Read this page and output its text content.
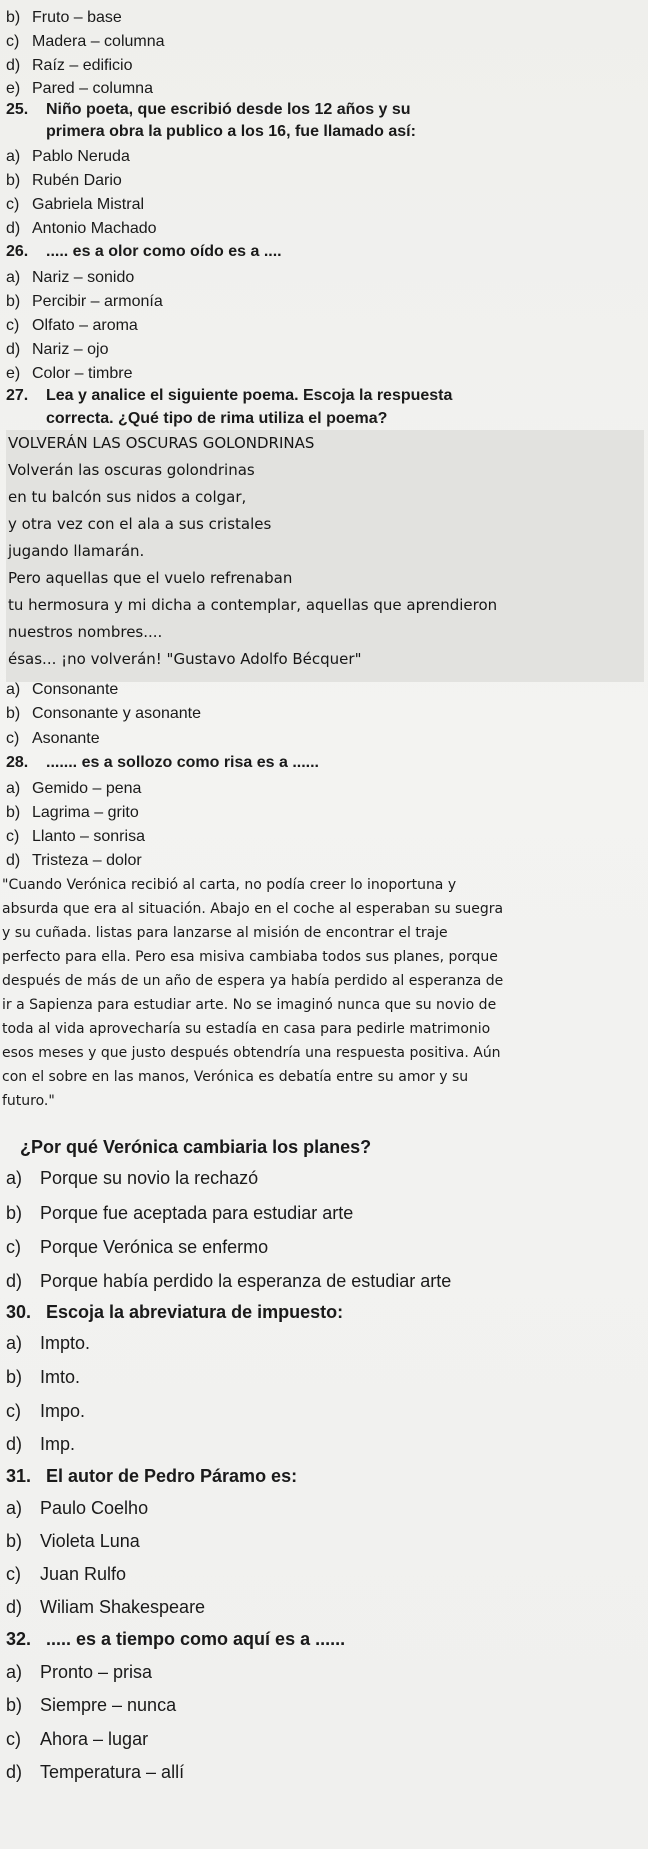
b) Fruto – base
c) Madera – columna
d) Raíz – edificio
e) Pared – columna
25. Niño poeta, que escribió desde los 12 años y su
primera obra la publico a los 16, fue llamado así:
a) Pablo Neruda
b) Rubén Dario
c) Gabriela Mistral
d) Antonio Machado
26. ..... es a olor como oído es a ....
a) Nariz – sonido
b) Percibir – armonía
c) Olfato – aroma
d) Nariz – ojo
e) Color – timbre
27. Lea y analice el siguiente poema. Escoja la respuesta
correcta. ¿Qué tipo de rima utiliza el poema?
VOLVERÁN LAS OSCURAS GOLONDRINAS
Volverán las oscuras golondrinas
en tu balcón sus nidos a colgar,
y otra vez con el ala a sus cristales
jugando llamarán.
Pero aquellas que el vuelo refrenaban
tu hermosura y mi dicha a contemplar, aquellas que aprendieron
nuestros nombres....
ésas... ¡no volverán! "Gustavo Adolfo Bécquer"
a) Consonante
b) Consonante y asonante
c) Asonante
28. ....... es a sollozo como risa es a ......
a) Gemido – pena
b) Lagrima – grito
c) Llanto – sonrisa
d) Tristeza – dolor
"Cuando Verónica recibió al carta, no podía creer lo inoportuna y
absurda que era al situación. Abajo en el coche al esperaban su suegra
y su cuñada. listas para lanzarse al misión de encontrar el traje
perfecto para ella. Pero esa misiva cambiaba todos sus planes, porque
después de más de un año de espera ya había perdido al esperanza de
ir a Sapienza para estudiar arte. No se imaginó nunca que su novio de
toda al vida aprovecharía su estadía en casa para pedirle matrimonio
esos meses y que justo después obtendría una respuesta positiva. Aún
con el sobre en las manos, Verónica es debatía entre su amor y su
futuro."
¿Por qué Verónica cambiaria los planes?
a) Porque su novio la rechazó
b) Porque fue aceptada para estudiar arte
c) Porque Verónica se enfermo
d) Porque había perdido la esperanza de estudiar arte
30. Escoja la abreviatura de impuesto:
a) Impto.
b) Imto.
c) Impo.
d) Imp.
31. El autor de Pedro Páramo es:
a) Paulo Coelho
b) Violeta Luna
c) Juan Rulfo
d) Wiliam Shakespeare
32. ..... es a tiempo como aquí es a ......
a) Pronto – prisa
b) Siempre – nunca
c) Ahora – lugar
d) Temperatura – allí
